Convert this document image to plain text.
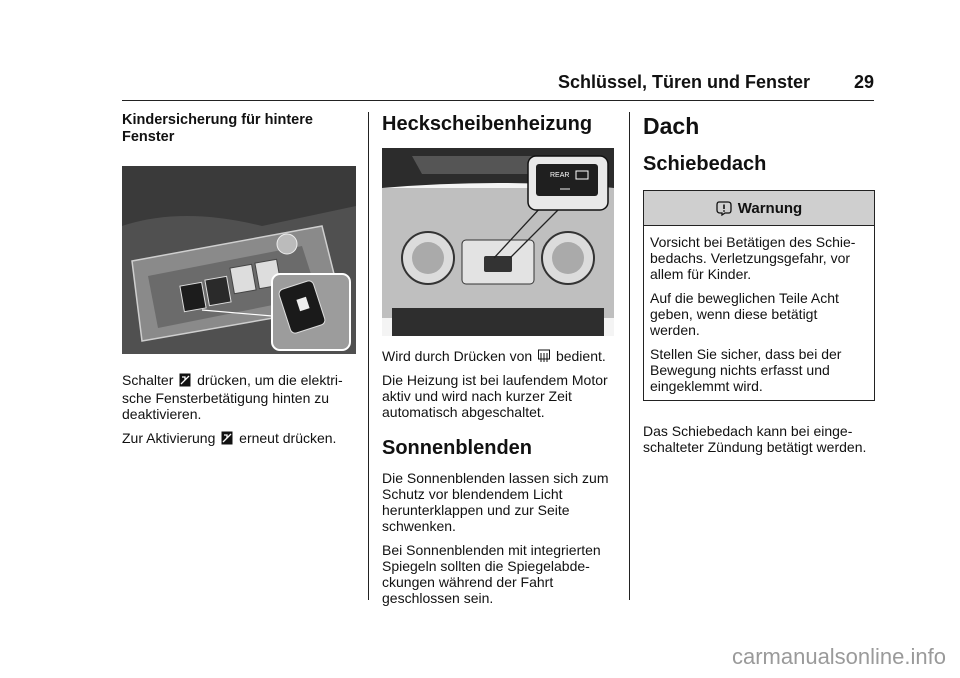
Schlüssel, Türen und Fenster 29
Kindersicherung für hintere Fenster

Schalter drücken, um die elektri-

sche Fensterbetätigung hinten zu deaktivieren.

Zur Aktivierung erneut drücken.

Heckscheibenheizung
REAR

Wird durch Drücken von bedient.

Die Heizung ist bei laufendem Motor aktiv und wird nach kurzer Zeit automatisch abgeschaltet.

Sonnenblenden

Die Sonnenblenden lassen sich zum Schutz vor blendendem Licht herunterklappen und zur Seite schwenken.

Bei Sonnenblenden mit integrierten Spiegeln sollten die Spiegelabde-ckungen während der Fahrt geschlossen sein.

Dach
Schiebedach
Warnung

Vorsicht bei Betätigen des Schie-bedachs. Verletzungsgefahr, vor allem für Kinder.

Auf die beweglichen Teile Acht geben, wenn diese betätigt werden.

Stellen Sie sicher, dass bei der Bewegung nichts erfasst und eingeklemmt wird.

Das Schiebedach kann bei einge-schalteter Zündung betätigt werden.

carmanualsonline.info
